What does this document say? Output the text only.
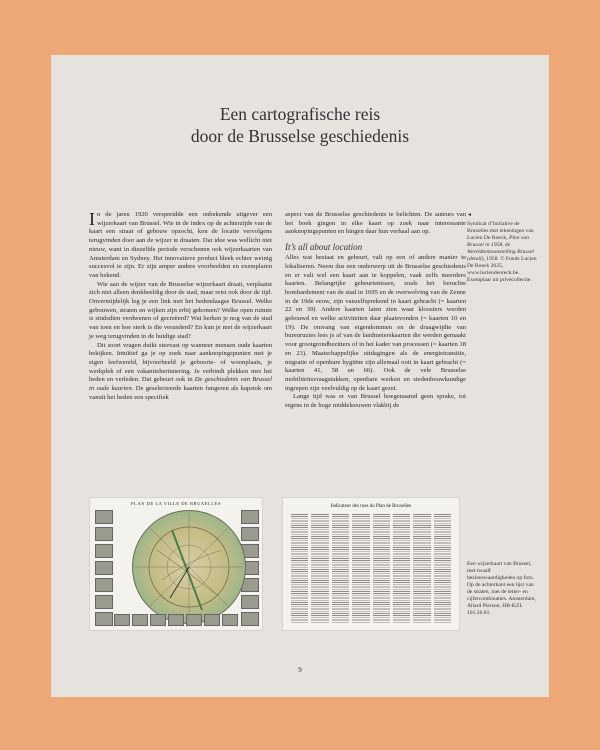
Een cartografische reis
door de Brusselse geschiedenis

In de jaren 1920 verspreidde een onbekende uitgever een wijzerkaart van Brussel. Wie in de index op de achterzijde van de kaart een straat of gebouw opzocht, kon de locatie vervolgens terugvinden door aan de wijzer te draaien. Dat idee was wellicht niet nieuw, want in diezelfde periode verschenen ook wijzerkaarten van Amsterdam en Sydney. Het innovatieve product bleek echter weinig succesvol te zijn. Er zijn amper andere voorbeelden en exemplaren van bekend.

Wie aan de wijzer van de Brusselse wijzerkaart draait, verplaatst zich niet alleen denkbeeldig door de stad, maar reist ook door de tijd. Onvermijdelijk leg je een link met het hedendaagse Brussel. Welke gebouwen, straten en wijken zijn erbij gekomen? Welke open ruimte is sindsdien verdwenen of gecreëerd? Wat herken je nog van de stad van toen en hoe sterk is die veranderd? En kun je met de wijzerkaart je weg terugvinden in de huidige stad?

Dit soort vragen duikt steevast op wanneer mensen oude kaarten bekijken. Intuïtief ga je op zoek naar aanknopingspunten met je eigen leefwereld, bijvoorbeeld je geboorte- of woonplaats, je werkplek of een vakantieherinnering. Je verbindt plekken met het heden en verleden. Dat gebeurt ook in De geschiedenis van Brussel in oude kaarten. De geselecteerde kaarten fungeren als kapstok om vanuit het heden een specifiek

aspect van de Brusselse geschiedenis te belichten. De auteurs van het boek gingen in elke kaart op zoek naar interessante aanknopingspunten en hingen daar hun verhaal aan op.

It’s all about location

Alles wat bestaat en gebeurt, valt op een of andere manier te lokaliseren. Neem dus een onderwerp uit de Brusselse geschiedenis en er valt wel een kaart aan te koppelen, vaak zelfs meerdere kaarten. Belangrijke gebeurtenissen, zoals het beruchte bombardement van de stad in 1695 en de overwelving van de Zenne in de 19de eeuw, zijn vanzelfsprekend in kaart gebracht (= kaarten 22 en 39). Andere kaarten laten zien waar kloosters werden gebouwd en welke activiteiten daar plaatsvonden (= kaarten 10 en 19). De omvang van eigendommen en de draagwijdte van burenruzies lees je af van de landmeterskaarten die werden gemaakt voor grootgrondbezitters of in het kader van processen (= kaarten 18 en 23). Maatschappelijke uitdagingen als de energietransitie, migratie of openbare hygiëne zijn allemaal ooit in kaart gebracht (= kaarten 41, 58 en 66). Ook de vele Brusselse mobiliteitsvraagstukken, openbare werken en stedenbouwkundige ingrepen zijn veelvuldig op de kaart gezet.

Lange tijd was er van Brussel hoegenaamd geen sprake, tot ergens in de hoge middeleeuwen vlakbij de

◄
Syndicat d’Initiative de Bruxelles met tekeningen van Lucien De Roeck, Plan van Brussel in 1958, de Wereldtentoonstelling Brussel (detail), 1958. © Fonds Lucien De Roeck 2025, www.luciendeoreck.be. Exemplaar uit privécollectie.
PLAN DE LA VILLE DE BRUXELLES
Indicateur des rues du Plan de Bruxelles
Een wijzerkaart van Brussel, met twaalf bezienswaardigheden op foto. Op de achterkant een lijst van de straten, met de letter- en cijfercombinaties. Amsterdam, Allard Pierson, HB-KZL 101.26.01.
9
